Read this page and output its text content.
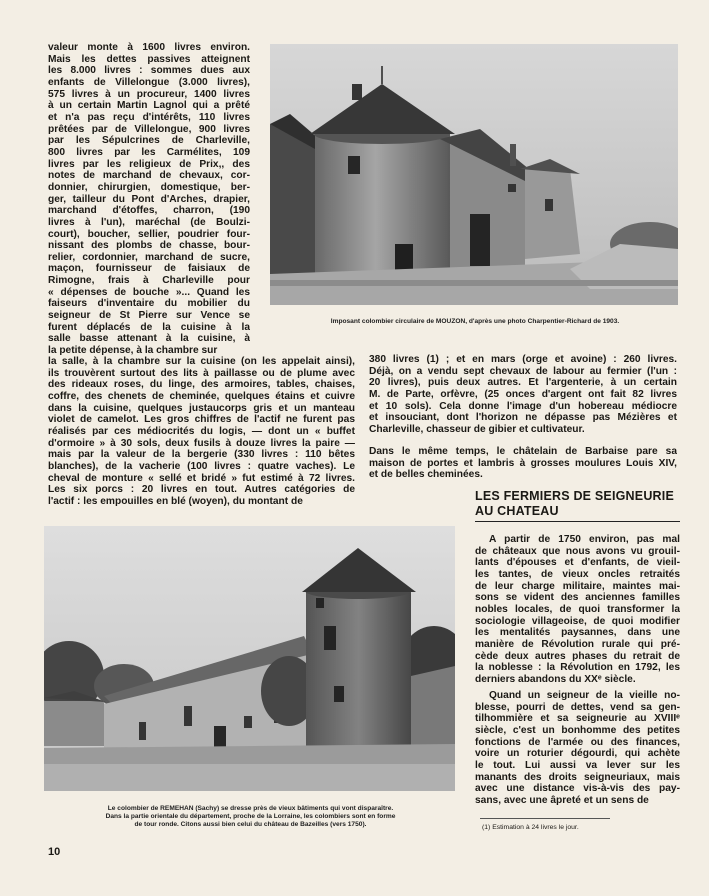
valeur monte à 1600 livres environ.
Mais les dettes passives atteignent
les 8.000 livres : sommes dues aux
enfants de Villelongue (3.000 livres),
575 livres à un procureur, 1400 livres
à un certain Martin Lagnol qui a prêté
et n'a pas reçu d'intérêts, 110 livres
prêtées par de Villelongue, 900 livres
par les Sépulcrines de Charleville,
800 livres par les Carmélites, 109
livres par les religieux de Prix,, des
notes de marchand de chevaux, cor-
donnier, chirurgien, domestique, ber-
ger, tailleur du Pont d'Arches, drapier,
marchand d'étoffes, charron, (190
livres à l'un), maréchal (de Boulzi-
court), boucher, sellier, poudrier four-
nissant des plombs de chasse, bour-
relier, cordonnier, marchand de sucre,
maçon, fournisseur de faisiaux de
Rimogne, frais à Charleville pour
« dépenses de bouche »... Quand les
faiseurs d'inventaire du mobilier du
seigneur de St Pierre sur Vence se
furent déplacés de la cuisine à la
salle basse attenant à la cuisine, à
la petite dépense, à la chambre sur
Imposant colombier circulaire de MOUZON, d'après une photo Charpentier-Richard de 1903.
la salle, à la chambre sur la cuisine (on les appelait ainsi),
ils trouvèrent surtout des lits à paillasse ou de plume avec
des rideaux roses, du linge, des armoires, tables, chaises,
coffre, des chenets de cheminée, quelques étains et cuivre
dans la cuisine, quelques justaucorps gris et un manteau
violet de camelot. Les gros chiffres de l'actif ne furent pas
réalisés par ces médiocrités du logis, — dont un « buffet
d'ormoire » à 30 sols, deux fusils à douze livres la paire —
mais par la valeur de la bergerie (330 livres : 110 bêtes
blanches), de la vacherie (100 livres : quatre vaches). Le
cheval de monture « sellé et bridé » fut estimé à 72 livres.
Les six porcs : 20 livres en tout. Autres catégories de
l'actif : les empouilles en blé (woyen), du montant de
380 livres (1) ; et en mars (orge et avoine) : 260 livres.
Déjà, on a vendu sept chevaux de labour au fermier (l'un :
20 livres), puis deux autres. Et l'argenterie, à un certain
M. de Parte, orfèvre, (25 onces d'argent ont fait 82 livres
et 10 sols). Cela donne l'image d'un hobereau médiocre
et insouciant, dont l'horizon ne dépasse pas Mézières et
Charleville, chasseur de gibier et cultivateur.
Dans le même temps, le châtelain de Barbaise pare sa
maison de portes et lambris à grosses moulures Louis XIV,
et de belles cheminées.
LES FERMIERS DE SEIGNEURIE
AU CHATEAU
A partir de 1750 environ, pas mal
de châteaux que nous avons vu grouil-
lants d'épouses et d'enfants, de vieil-
les tantes, de vieux oncles retraités
de leur charge militaire, maintes mai-
sons se vident des anciennes familles
nobles locales, de quoi transformer la
sociologie villageoise, de quoi modifier
les mentalités paysannes, dans une
manière de Révolution rurale qui pré-
cède deux autres phases du retrait de
la noblesse : la Révolution en 1792, les
derniers abandons du XXᵉ siècle.
Quand un seigneur de la vieille no-
blesse, pourri de dettes, vend sa gen-
tilhommière et sa seigneurie au XVIIIᵉ
siècle, c'est un bonhomme des petites
fonctions de l'armée ou des finances,
voire un roturier dégourdi, qui achète
le tout. Lui aussi va lever sur les
manants des droits seigneuriaux, mais
avec une distance vis-à-vis des pay-
sans, avec une âpreté et un sens de
Le colombier de REMEHAN (Sachy) se dresse près de vieux bâtiments qui vont disparaître.
Dans la partie orientale du département, proche de la Lorraine, les colombiers sont en forme
de tour ronde. Citons aussi bien celui du château de Bazeilles (vers 1750).	(1) Estimation à 24 livres le jour.
10
